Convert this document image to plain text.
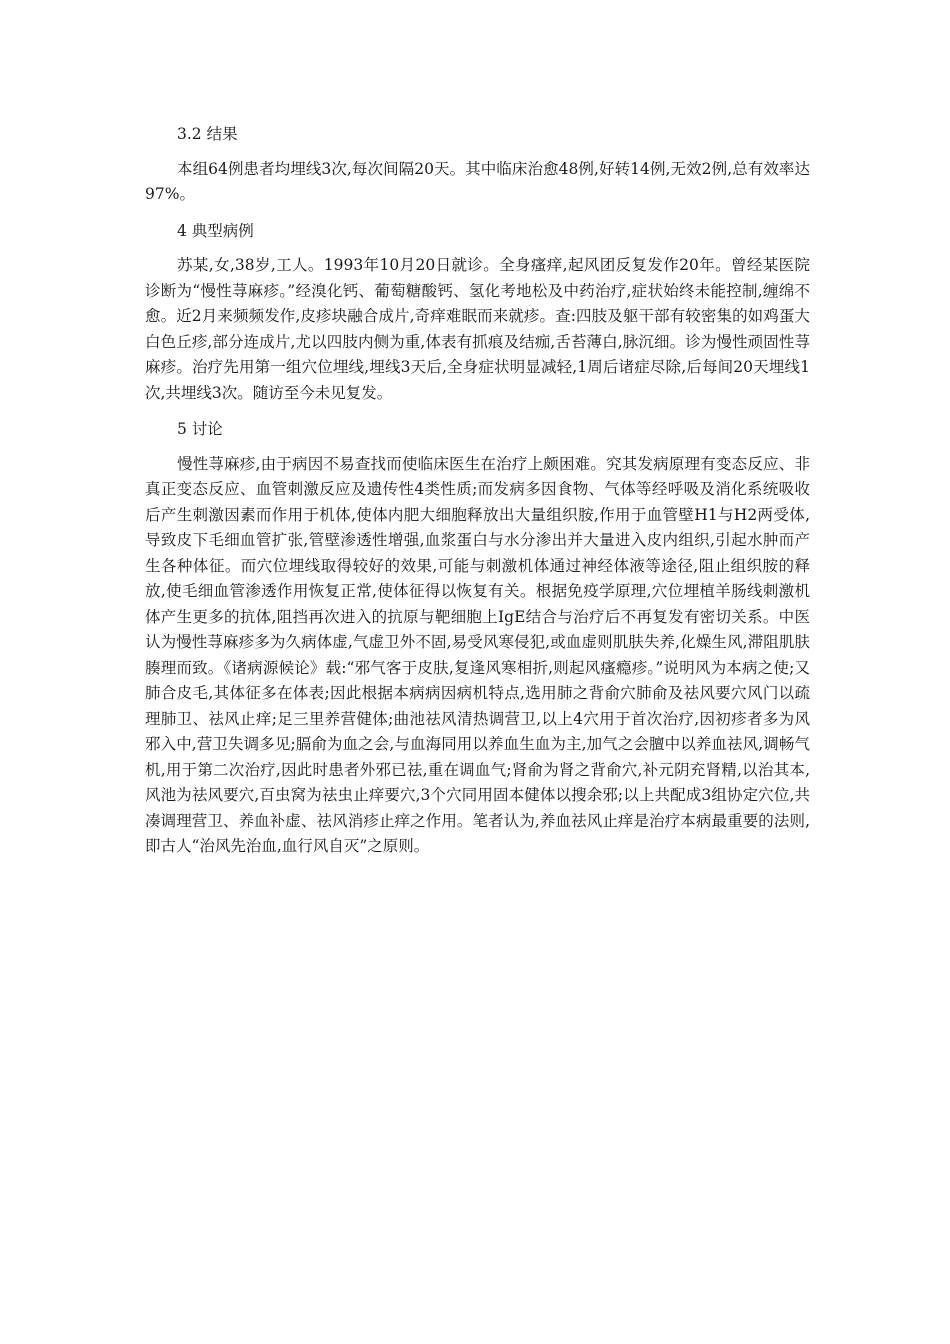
3.2 结果
本组64例患者均埋线3次,每次间隔20天。其中临床治愈48例,好转14例,无效2例,总有效率达97%。
4 典型病例
苏某,女,38岁,工人。1993年10月20日就诊。全身瘙痒,起风团反复发作20年。曾经某医院诊断为“慢性荨麻疹。”经溴化钙、葡萄糖酸钙、氢化考地松及中药治疗,症状始终未能控制,缠绵不愈。近2月来频频发作,皮疹块融合成片,奇痒难眠而来就疹。查:四肢及躯干部有较密集的如鸡蛋大白色丘疹,部分连成片,尤以四肢内侧为重,体表有抓痕及结痂,舌苔薄白,脉沉细。诊为慢性顽固性荨麻疹。治疗先用第一组穴位埋线,埋线3天后,全身症状明显减轻,1周后诸症尽除,后每间20天埋线1次,共埋线3次。随访至今未见复发。
5 讨论
慢性荨麻疹,由于病因不易查找而使临床医生在治疗上颇困难。究其发病原理有变态反应、非真正变态反应、血管刺激反应及遗传性4类性质;而发病多因食物、气体等经呼吸及消化系统吸收后产生刺激因素而作用于机体,使体内肥大细胞释放出大量组织胺,作用于血管壁H1与H2两受体,导致皮下毛细血管扩张,管壁渗透性增强,血浆蛋白与水分渗出并大量进入皮内组织,引起水肿而产生各种体征。而穴位埋线取得较好的效果,可能与刺激机体通过神经体液等途径,阻止组织胺的释放,使毛细血管渗透作用恢复正常,使体征得以恢复有关。根据免疫学原理,穴位埋植羊肠线刺激机体产生更多的抗体,阻挡再次进入的抗原与靶细胞上IgE结合与治疗后不再复发有密切关系。中医认为慢性荨麻疹多为久病体虚,气虚卫外不固,易受风寒侵犯,或血虚则肌肤失养,化燥生风,滞阻肌肤腠理而致。《诸病源候论》载:“邪气客于皮肤,复逢风寒相折,则起风瘙瘾疹。”说明风为本病之使;又肺合皮毛,其体征多在体表;因此根据本病病因病机特点,选用肺之背俞穴肺俞及祛风要穴风门以疏理肺卫、祛风止痒;足三里养营健体;曲池祛风清热调营卫,以上4穴用于首次治疗,因初疹者多为风邪入中,营卫失调多见;膈俞为血之会,与血海同用以养血生血为主,加气之会膻中以养血祛风,调畅气机,用于第二次治疗,因此时患者外邪已祛,重在调血气;肾俞为肾之背俞穴,补元阴充肾精,以治其本,风池为祛风要穴,百虫窝为祛虫止痒要穴,3个穴同用固本健体以搜余邪;以上共配成3组协定穴位,共凑调理营卫、养血补虚、祛风消疹止痒之作用。笔者认为,养血祛风止痒是治疗本病最重要的法则,即古人“治风先治血,血行风自灭”之原则。
